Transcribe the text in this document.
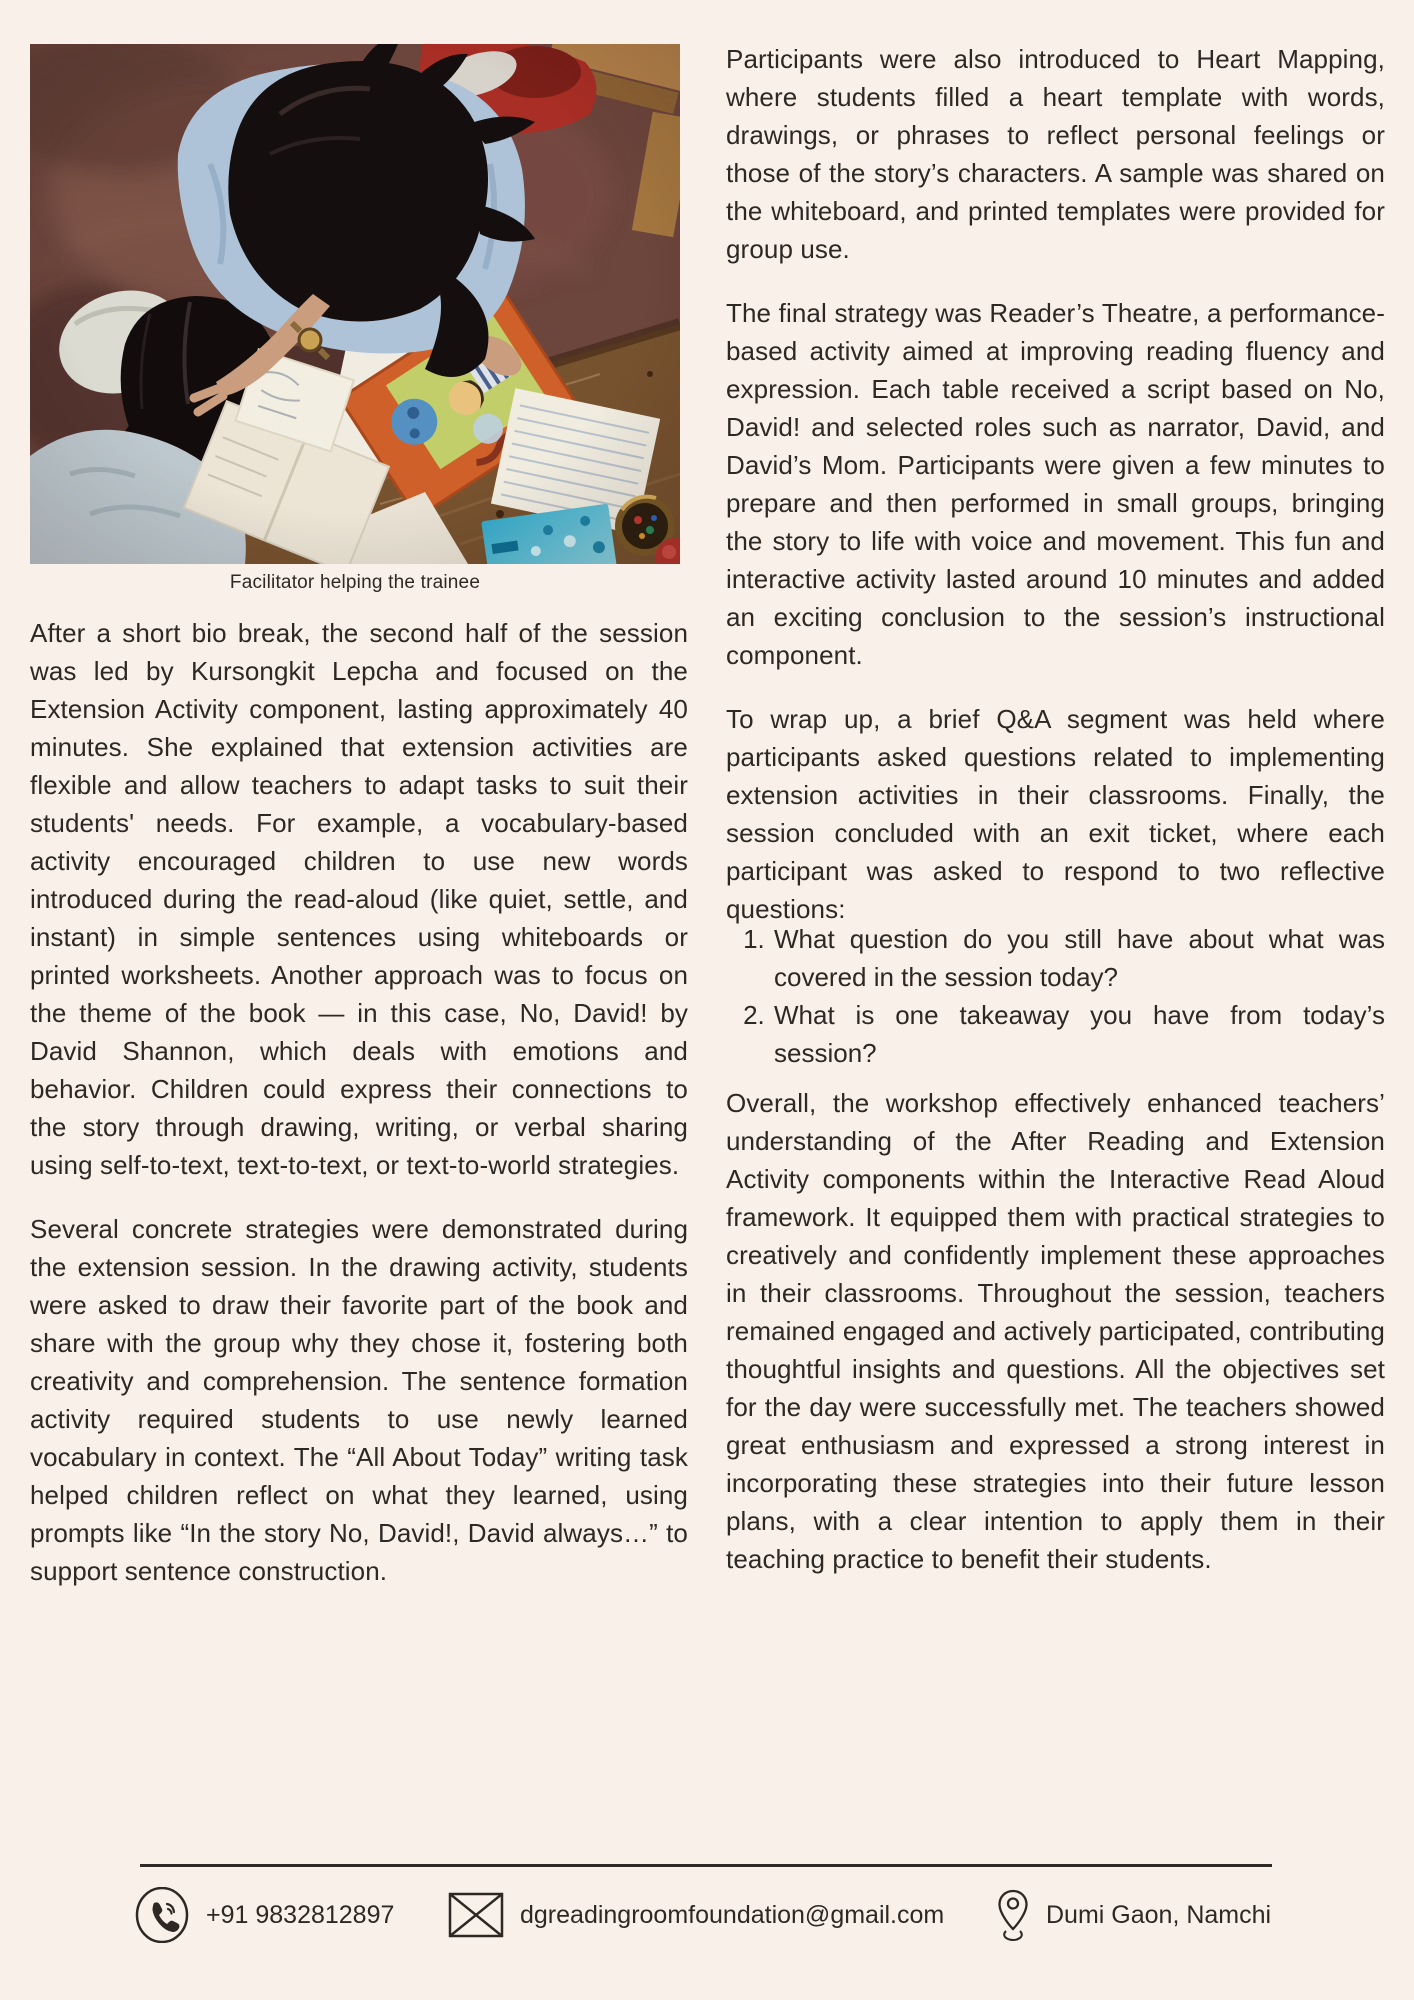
Facilitator helping the trainee

After a short bio break, the second half of the session was led by Kursongkit Lepcha and focused on the Extension Activity component, lasting approximately 40 minutes. She explained that extension activities are flexible and allow teachers to adapt tasks to suit their students' needs. For example, a vocabulary-based activity encouraged children to use new words introduced during the read-aloud (like quiet, settle, and instant) in simple sentences using whiteboards or printed worksheets. Another approach was to focus on the theme of the book — in this case, No, David! by David Shannon, which deals with emotions and behavior. Children could express their connections to the story through drawing, writing, or verbal sharing using self-to-text, text-to-text, or text-to-world strategies.

Several concrete strategies were demonstrated during the extension session. In the drawing activity, students were asked to draw their favorite part of the book and share with the group why they chose it, fostering both creativity and comprehension. The sentence formation activity required students to use newly learned vocabulary in context. The “All About Today” writing task helped children reflect on what they learned, using prompts like “In the story No, David!, David always…” to support sentence construction.

Participants were also introduced to Heart Mapping, where students filled a heart template with words, drawings, or phrases to reflect personal feelings or those of the story’s characters. A sample was shared on the whiteboard, and printed templates were provided for group use.

The final strategy was Reader’s Theatre, a performance-based activity aimed at improving reading fluency and expression. Each table received a script based on No, David! and selected roles such as narrator, David, and David’s Mom. Participants were given a few minutes to prepare and then performed in small groups, bringing the story to life with voice and movement. This fun and interactive activity lasted around 10 minutes and added an exciting conclusion to the session’s instructional component.

To wrap up, a brief Q&A segment was held where participants asked questions related to implementing extension activities in their classrooms. Finally, the session concluded with an exit ticket, where each participant was asked to respond to two reflective questions:

1. What question do you still have about what was covered in the session today?
2. What is one takeaway you have from today’s session?

Overall, the workshop effectively enhanced teachers’ understanding of the After Reading and Extension Activity components within the Interactive Read Aloud framework. It equipped them with practical strategies to creatively and confidently implement these approaches in their classrooms. Throughout the session, teachers remained engaged and actively participated, contributing thoughtful insights and questions. All the objectives set for the day were successfully met. The teachers showed great enthusiasm and expressed a strong interest in incorporating these strategies into their future lesson plans, with a clear intention to apply them in their teaching practice to benefit their students.

+91 9832812897	dgreadingroomfoundation@gmail.com	Dumi Gaon, Namchi
